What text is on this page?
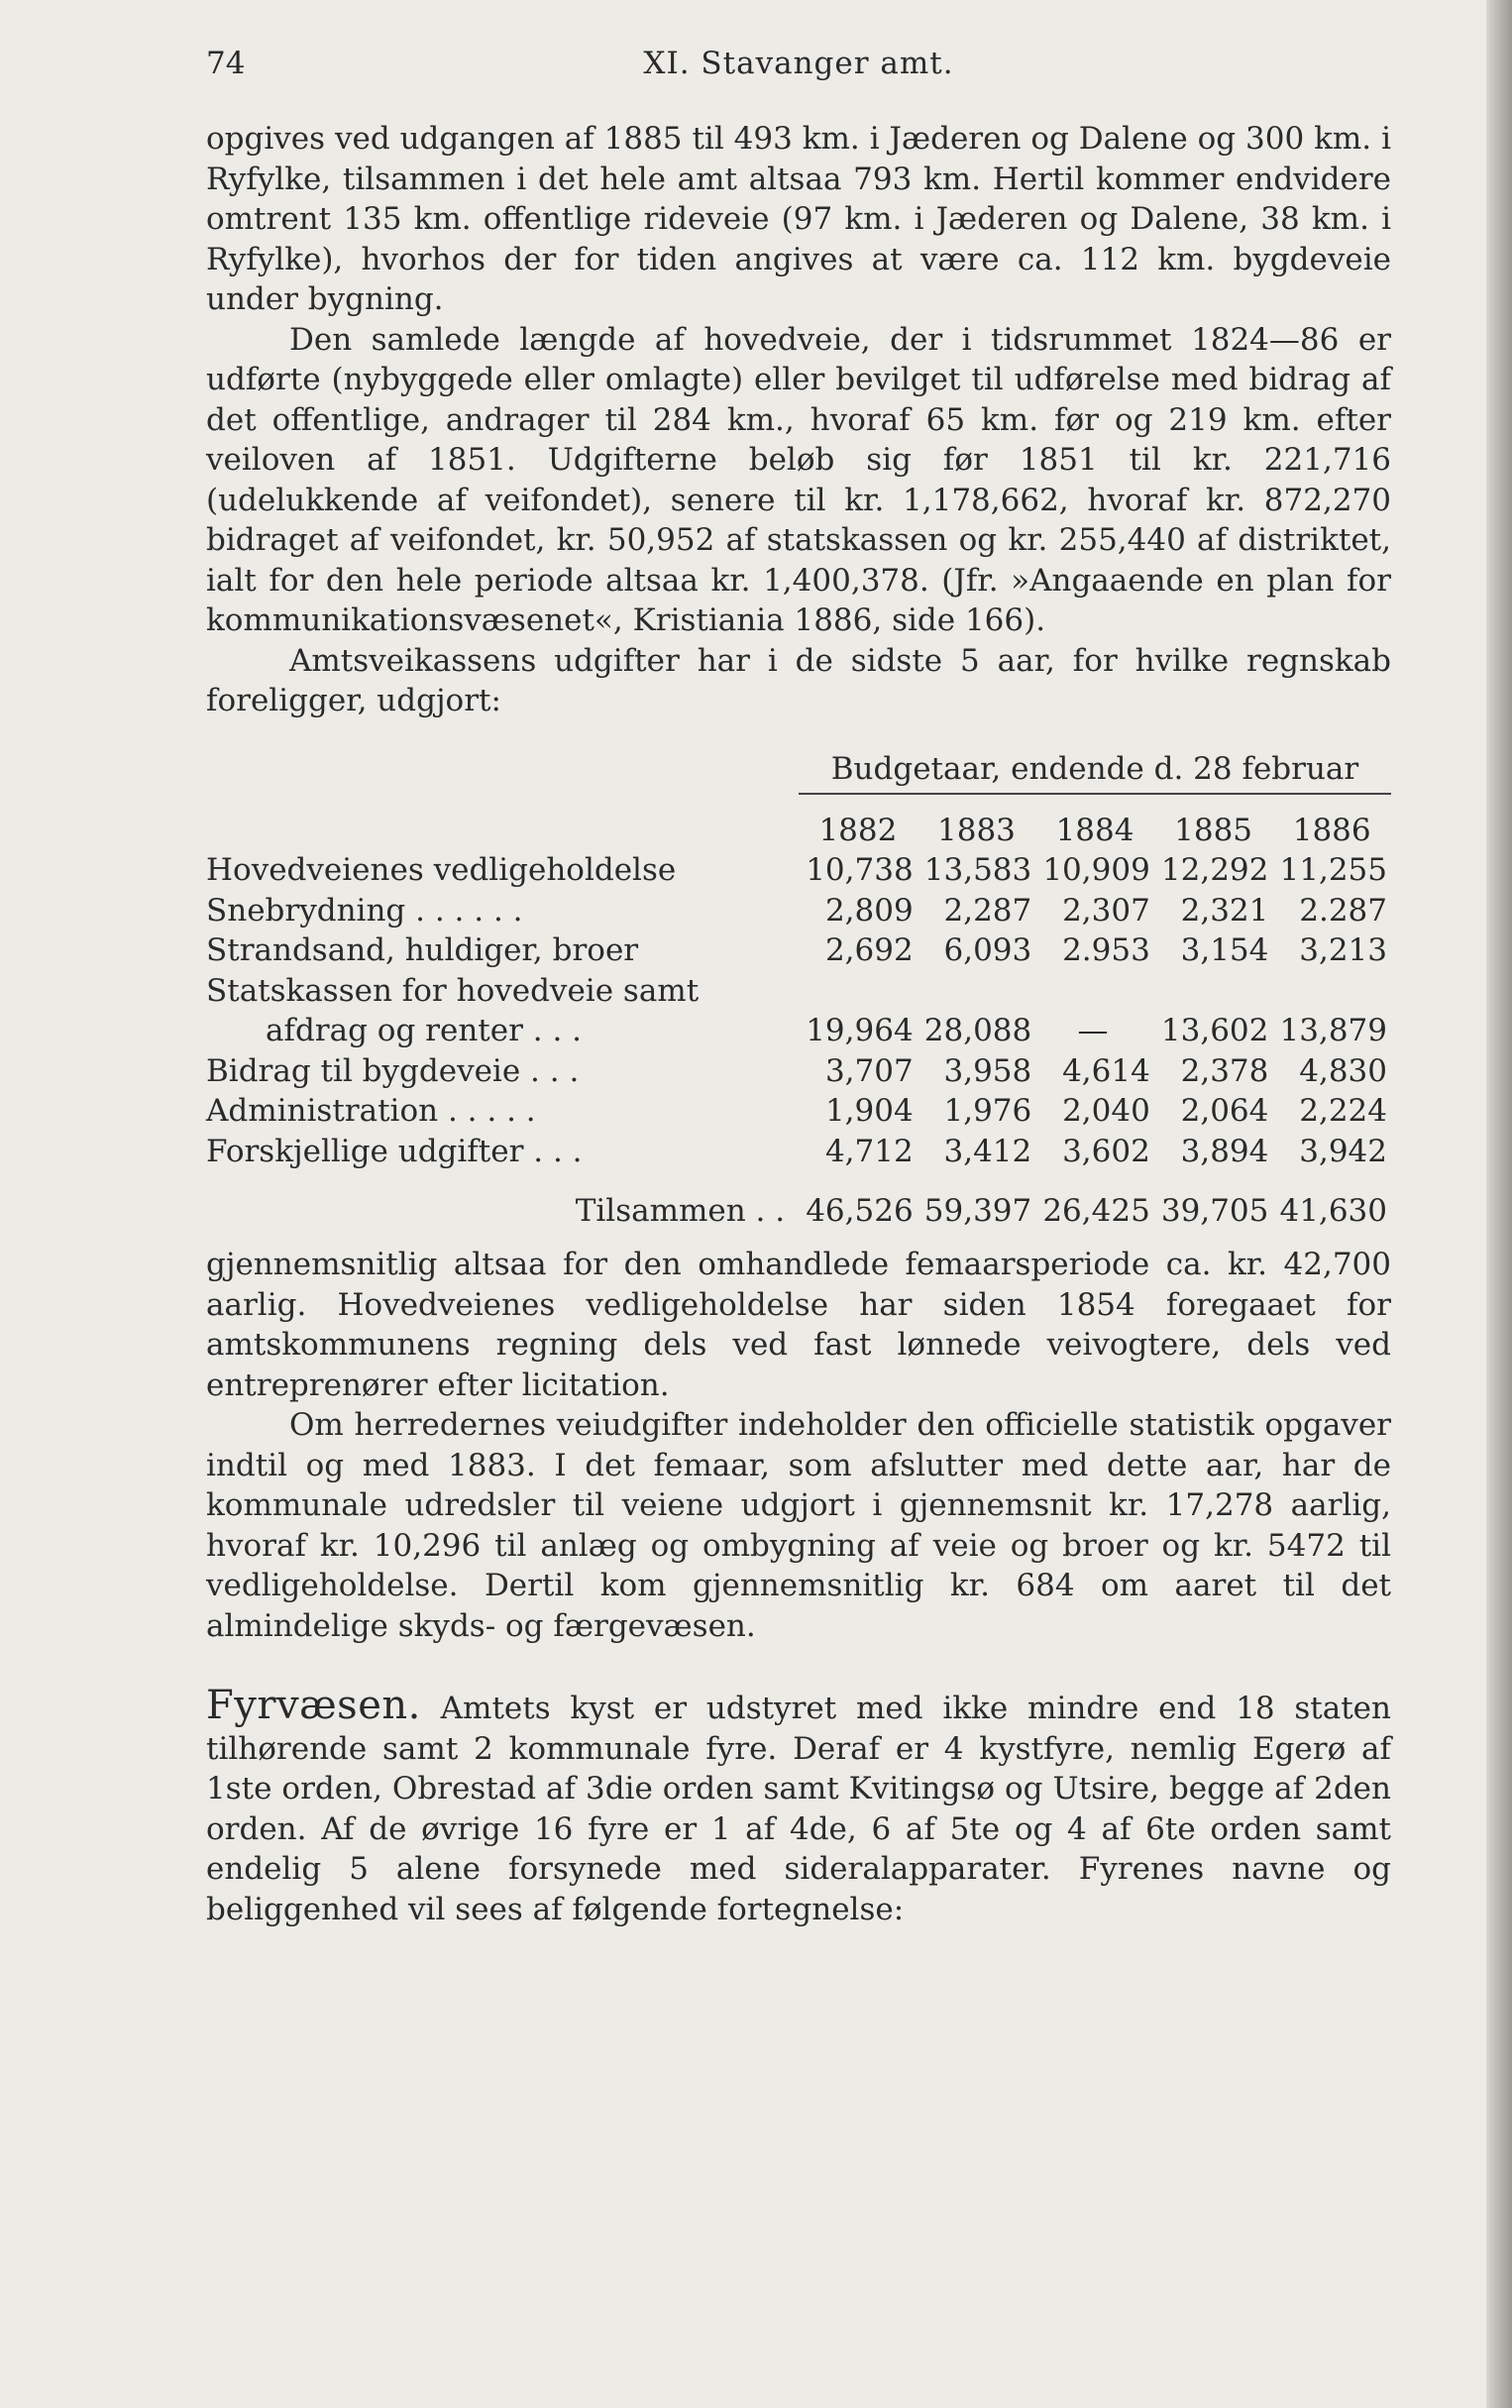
74	XI. Stavanger amt.

opgives ved udgangen af 1885 til 493 km. i Jæderen og Dalene og 300 km. i Ryfylke, tilsammen i det hele amt altsaa 793 km. Hertil kommer endvidere omtrent 135 km. offentlige rideveie (97 km. i Jæderen og Dalene, 38 km. i Ryfylke), hvorhos der for tiden angives at være ca. 112 km. bygdeveie under bygning.

Den samlede længde af hovedveie, der i tidsrummet 1824—86 er udførte (nybyggede eller omlagte) eller bevilget til udførelse med bidrag af det offentlige, andrager til 284 km., hvoraf 65 km. før og 219 km. efter veiloven af 1851. Udgifterne beløb sig før 1851 til kr. 221,716 (udelukkende af veifondet), senere til kr. 1,178,662, hvoraf kr. 872,270 bidraget af veifondet, kr. 50,952 af statskassen og kr. 255,440 af distriktet, ialt for den hele periode altsaa kr. 1,400,378. (Jfr. »Angaaende en plan for kommunikationsvæsenet«, Kristiania 1886, side 166).

Amtsveikassens udgifter har i de sidste 5 aar, for hvilke regnskab foreligger, udgjort:

Budgetaar, endende d. 28 februar
	1882	1883	1884	1885	1886
Hovedveienes vedligeholdelse	10,738	13,583	10,909	12,292	11,255
Snebrydning . . . . . .	2,809	2,287	2,307	2,321	2.287
Strandsand, huldiger, broer	2,692	6,093	2.953	3,154	3,213
Statskassen for hovedveie samt					
afdrag og renter . . .	19,964	28,088	—	13,602	13,879
Bidrag til bygdeveie . . .	3,707	3,958	4,614	2,378	4,830
Administration . . . . .	1,904	1,976	2,040	2,064	2,224
Forskjellige udgifter . . .	4,712	3,412	3,602	3,894	3,942
Tilsammen . .	46,526	59,397	26,425	39,705	41,630

gjennemsnitlig altsaa for den omhandlede femaarsperiode ca. kr. 42,700 aarlig. Hovedveienes vedligeholdelse har siden 1854 foregaaet for amtskommunens regning dels ved fast lønnede veivogtere, dels ved entreprenører efter licitation.

Om herredernes veiudgifter indeholder den officielle statistik opgaver indtil og med 1883. I det femaar, som afslutter med dette aar, har de kommunale udredsler til veiene udgjort i gjennemsnit kr. 17,278 aarlig, hvoraf kr. 10,296 til anlæg og ombygning af veie og broer og kr. 5472 til vedligeholdelse. Dertil kom gjennemsnitlig kr. 684 om aaret til det almindelige skyds- og færgevæsen.

Fyrvæsen. Amtets kyst er udstyret med ikke mindre end 18 staten tilhørende samt 2 kommunale fyre. Deraf er 4 kystfyre, nemlig Egerø af 1ste orden, Obrestad af 3die orden samt Kvitingsø og Utsire, begge af 2den orden. Af de øvrige 16 fyre er 1 af 4de, 6 af 5te og 4 af 6te orden samt endelig 5 alene forsynede med sideralapparater. Fyrenes navne og beliggenhed vil sees af følgende fortegnelse:
